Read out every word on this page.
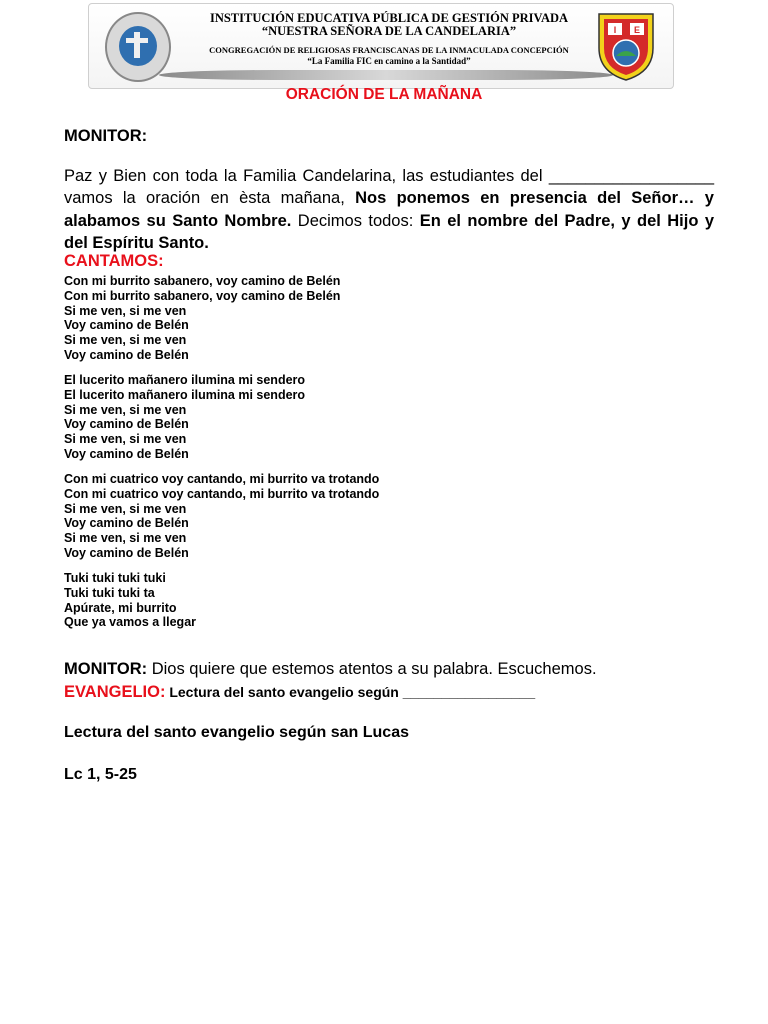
INSTITUCIÓN EDUCATIVA PÚBLICA DE GESTIÓN PRIVADA
“NUESTRA SEÑORA DE LA CANDELARIA”
CONGREGACIÓN DE RELIGIOSAS FRANCISCANAS DE LA INMACULADA CONCEPCIÓN
“La Familia FIC en camino a la Santidad”
I E

ORACIÓN DE LA MAÑANA

MONITOR:

Paz y Bien con toda la Familia Candelarina, las estudiantes del __________________ vamos la oración en èsta mañana, Nos ponemos en presencia del Señor… y alabamos su Santo Nombre. Decimos todos: En el nombre del Padre, y del Hijo y del Espíritu Santo.

CANTAMOS:

Con mi burrito sabanero, voy camino de Belén
Con mi burrito sabanero, voy camino de Belén
Si me ven, si me ven
Voy camino de Belén
Si me ven, si me ven
Voy camino de Belén
El lucerito mañanero ilumina mi sendero
El lucerito mañanero ilumina mi sendero
Si me ven, si me ven
Voy camino de Belén
Si me ven, si me ven
Voy camino de Belén
Con mi cuatrico voy cantando, mi burrito va trotando
Con mi cuatrico voy cantando, mi burrito va trotando
Si me ven, si me ven
Voy camino de Belén
Si me ven, si me ven
Voy camino de Belén
Tuki tuki tuki tuki
Tuki tuki tuki ta
Apúrate, mi burrito
Que ya vamos a llegar

MONITOR: Dios quiere que estemos atentos a su palabra. Escuchemos.

EVANGELIO: Lectura del santo evangelio según _________________

Lectura del santo evangelio según san Lucas

Lc 1, 5-25
